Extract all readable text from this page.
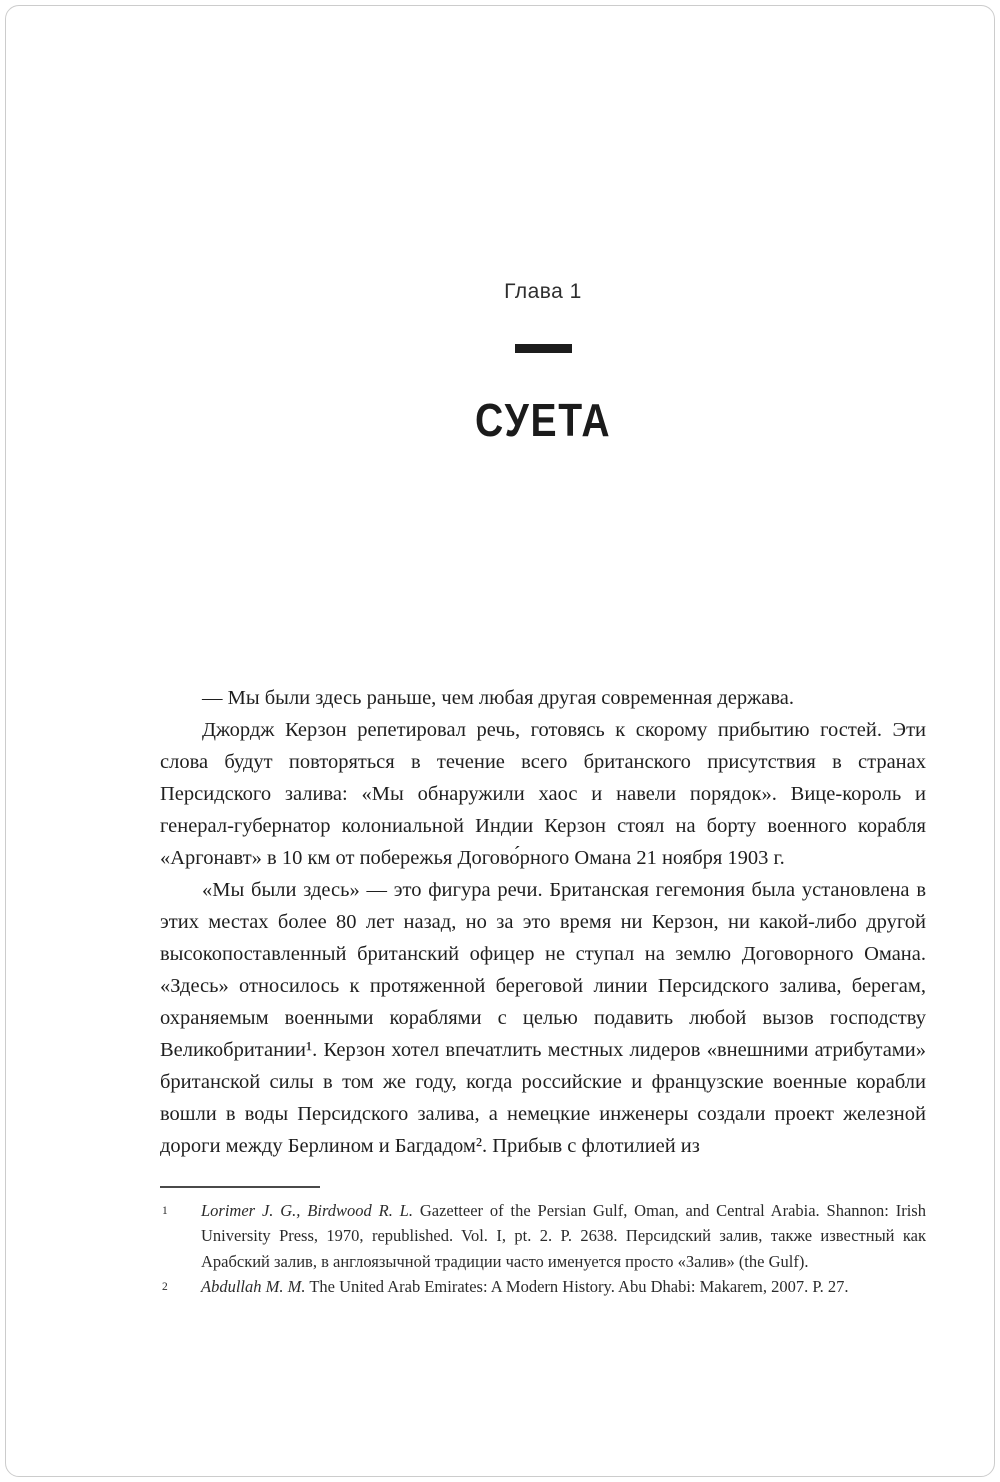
Глава 1
СУЕТА

— Мы были здесь раньше, чем любая другая современная держава.

Джордж Керзон репетировал речь, готовясь к скорому прибытию гостей. Эти слова будут повторяться в течение всего британского присутствия в странах Персидского залива: «Мы обнаружили хаос и навели порядок». Вице-король и генерал-губернатор колониальной Индии Керзон стоял на борту военного корабля «Аргонавт» в 10 км от побережья Догово́рного Омана 21 ноября 1903 г.

«Мы были здесь» — это фигура речи. Британская гегемония была установлена в этих местах более 80 лет назад, но за это время ни Керзон, ни какой-либо другой высокопоставленный британский офицер не ступал на землю Договорного Омана. «Здесь» относилось к протяженной береговой линии Персидского залива, берегам, охраняемым военными кораблями с целью подавить любой вызов господству Великобритании¹. Керзон хотел впечатлить местных лидеров «внешними атрибутами» британской силы в том же году, когда российские и французские военные корабли вошли в воды Персидского залива, а немецкие инженеры создали проект железной дороги между Берлином и Багдадом². Прибыв с флотилией из

1 Lorimer J. G., Birdwood R. L. Gazetteer of the Persian Gulf, Oman, and Central Arabia. Shannon: Irish University Press, 1970, republished. Vol. I, pt. 2. P. 2638. Персидский залив, также известный как Арабский залив, в англоязычной традиции часто именуется просто «Залив» (the Gulf).
2 Abdullah M. M. The United Arab Emirates: A Modern History. Abu Dhabi: Makarem, 2007. P. 27.
